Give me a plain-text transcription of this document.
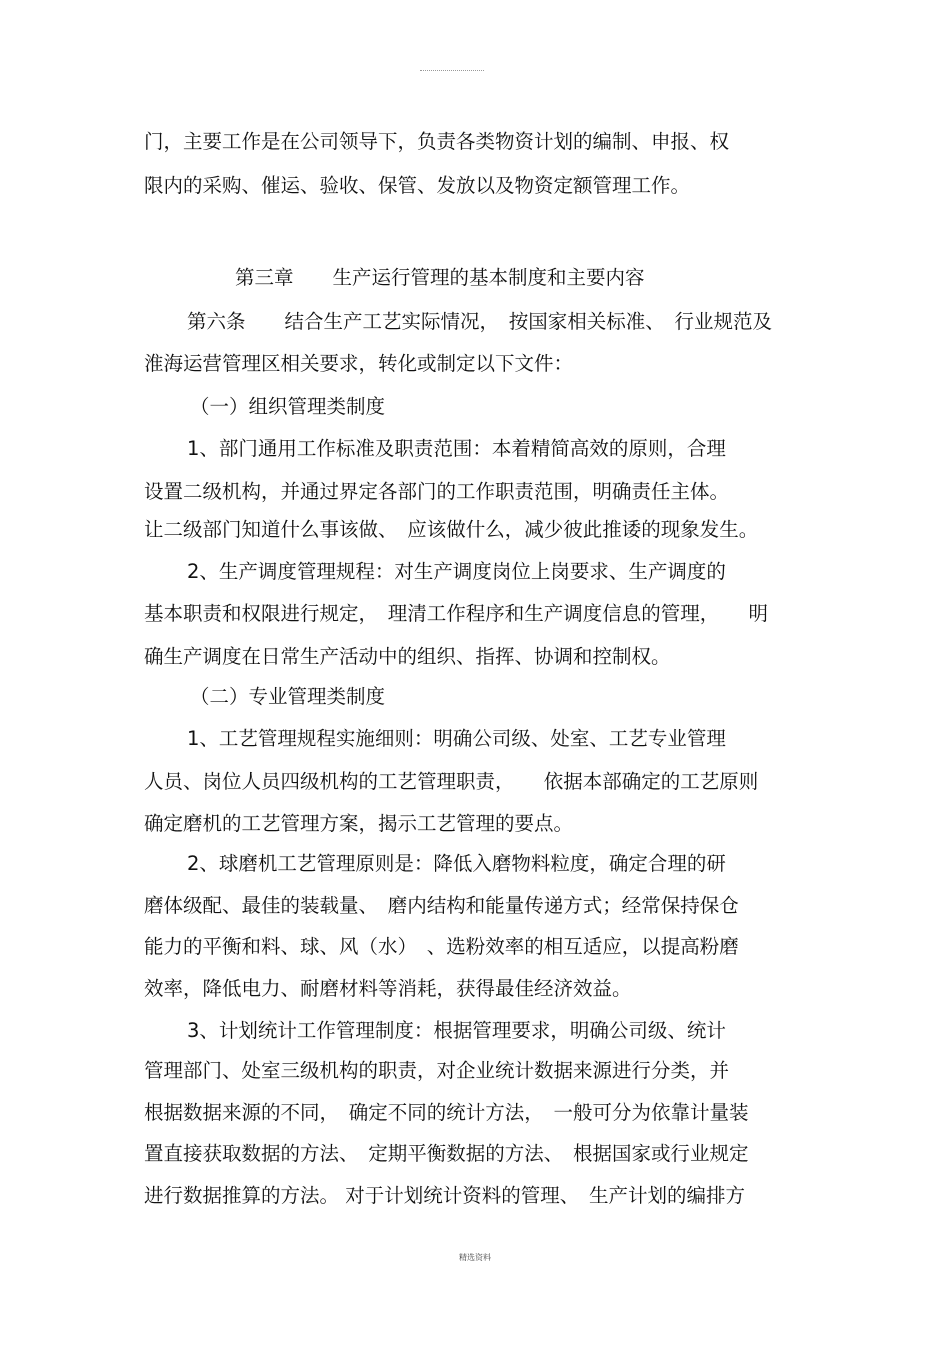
门，主要工作是在公司领导下，负责各类物资计划的编制、申报、权
限内的采购、催运、验收、保管、发放以及物资定额管理工作。
第三章　　生产运行管理的基本制度和主要内容
第六条　　结合生产工艺实际情况，　按国家相关标准、　行业规范及
淮海运营管理区相关要求，转化或制定以下文件：
（一）组织管理类制度
1、部门通用工作标准及职责范围：本着精简高效的原则，合理
设置二级机构，并通过界定各部门的工作职责范围，明确责任主体。
让二级部门知道什么事该做、　应该做什么，减少彼此推诿的现象发生。
2、生产调度管理规程：对生产调度岗位上岗要求、生产调度的
基本职责和权限进行规定，　理清工作程序和生产调度信息的管理，　　明
确生产调度在日常生产活动中的组织、指挥、协调和控制权。
（二）专业管理类制度
1、工艺管理规程实施细则：明确公司级、处室、工艺专业管理
人员、岗位人员四级机构的工艺管理职责，　　依据本部确定的工艺原则
确定磨机的工艺管理方案，揭示工艺管理的要点。
2、球磨机工艺管理原则是：降低入磨物料粒度，确定合理的研
磨体级配、最佳的装载量、　磨内结构和能量传递方式；经常保持保仓
能力的平衡和料、球、风（水）　、选粉效率的相互适应，以提高粉磨
效率，降低电力、耐磨材料等消耗，获得最佳经济效益。
3、计划统计工作管理制度：根据管理要求，明确公司级、统计
管理部门、处室三级机构的职责，对企业统计数据来源进行分类，并
根据数据来源的不同，　确定不同的统计方法，　一般可分为依靠计量装
置直接获取数据的方法、　定期平衡数据的方法、　根据国家或行业规定
进行数据推算的方法。 对于计划统计资料的管理、　生产计划的编排方
精选资料
